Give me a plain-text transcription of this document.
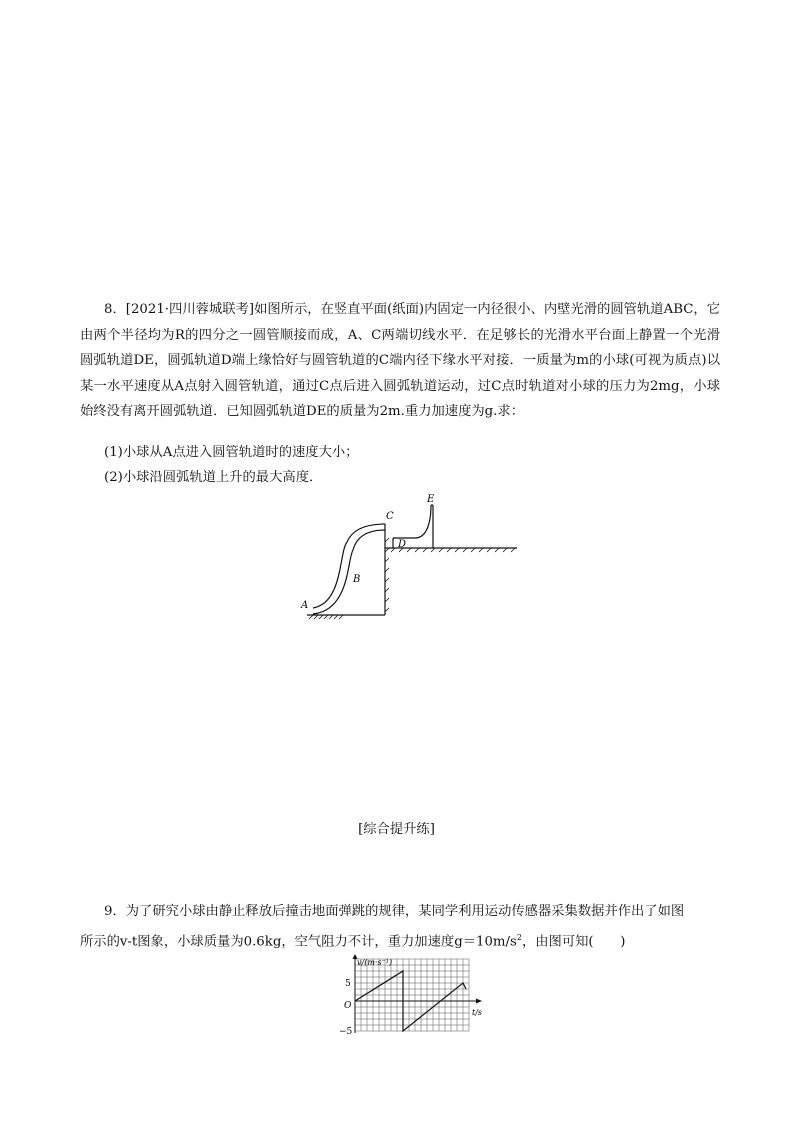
8．[2021·四川蓉城联考]如图所示，在竖直平面(纸面)内固定一内径很小、内壁光滑的圆管轨道ABC，它由两个半径均为R的四分之一圆管顺接而成，A、C两端切线水平．在足够长的光滑水平台面上静置一个光滑圆弧轨道DE，圆弧轨道D端上缘恰好与圆管轨道的C端内径下缘水平对接．一质量为m的小球(可视为质点)以某一水平速度从A点射入圆管轨道，通过C点后进入圆弧轨道运动，过C点时轨道对小球的压力为2mg，小球始终没有离开圆弧轨道．已知圆弧轨道DE的质量为2m.重力加速度为g.求：
(1)小球从A点进入圆管轨道时的速度大小；
(2)小球沿圆弧轨道上升的最大高度．
A
B
C
D
E
[综合提升练]
9．为了研究小球由静止释放后撞击地面弹跳的规律，某同学利用运动传感器采集数据并作出了如图
所示的v-t图象，小球质量为0.6kg，空气阻力不计，重力加速度$g=10m/s^2$，由图可知(　　)
v/(m·s⁻¹)
5
O
−5
t/s
